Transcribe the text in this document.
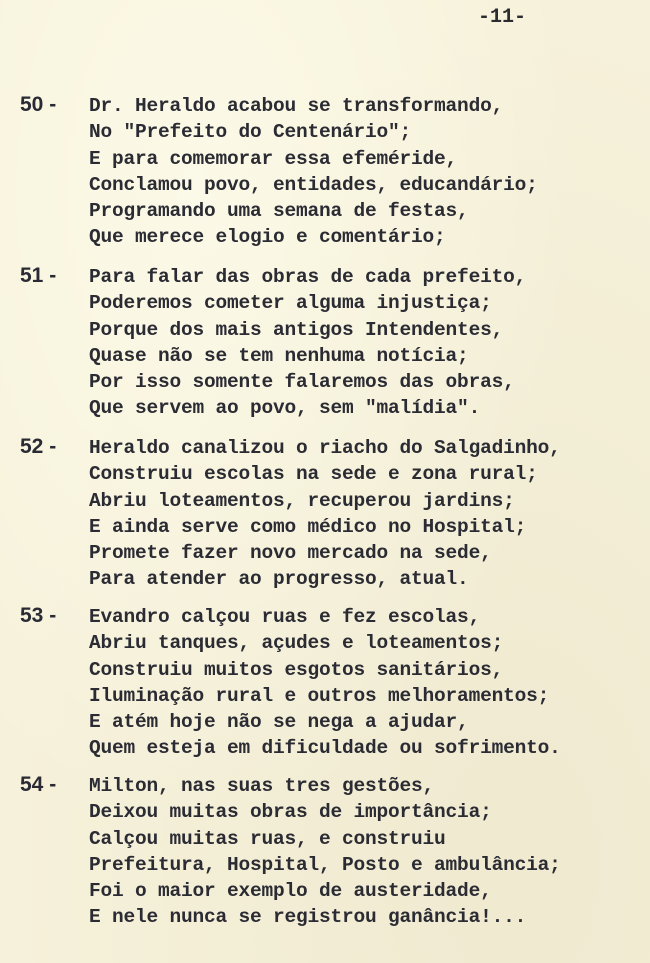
-11-
50 - Dr. Heraldo acabou se transformando,
No "Prefeito do Centenário";
E para comemorar essa efeméride,
Conclamou povo, entidades, educandário;
Programando uma semana de festas,
Que merece elogio e comentário;
51 - Para falar das obras de cada prefeito,
Poderemos cometer alguma injustiça;
Porque dos mais antigos Intendentes,
Quase não se tem nenhuma notícia;
Por isso somente falaremos das obras,
Que servem ao povo, sem "malídia".
52 - Heraldo canalizou o riacho do Salgadinho,
Construiu escolas na sede e zona rural;
Abriu loteamentos, recuperou jardins;
E ainda serve como médico no Hospital;
Promete fazer novo mercado na sede,
Para atender ao progresso, atual.
53 - Evandro calçou ruas e fez escolas,
Abriu tanques, açudes e loteamentos;
Construiu muitos esgotos sanitários,
Iluminação rural e outros melhoramentos;
E atém hoje não se nega a ajudar,
Quem esteja em dificuldade ou sofrimento.
54 - Milton, nas suas tres gestões,
Deixou muitas obras de importância;
Calçou muitas ruas, e construiu
Prefeitura, Hospital, Posto e ambulância;
Foi o maior exemplo de austeridade,
E nele nunca se registrou ganância!...
